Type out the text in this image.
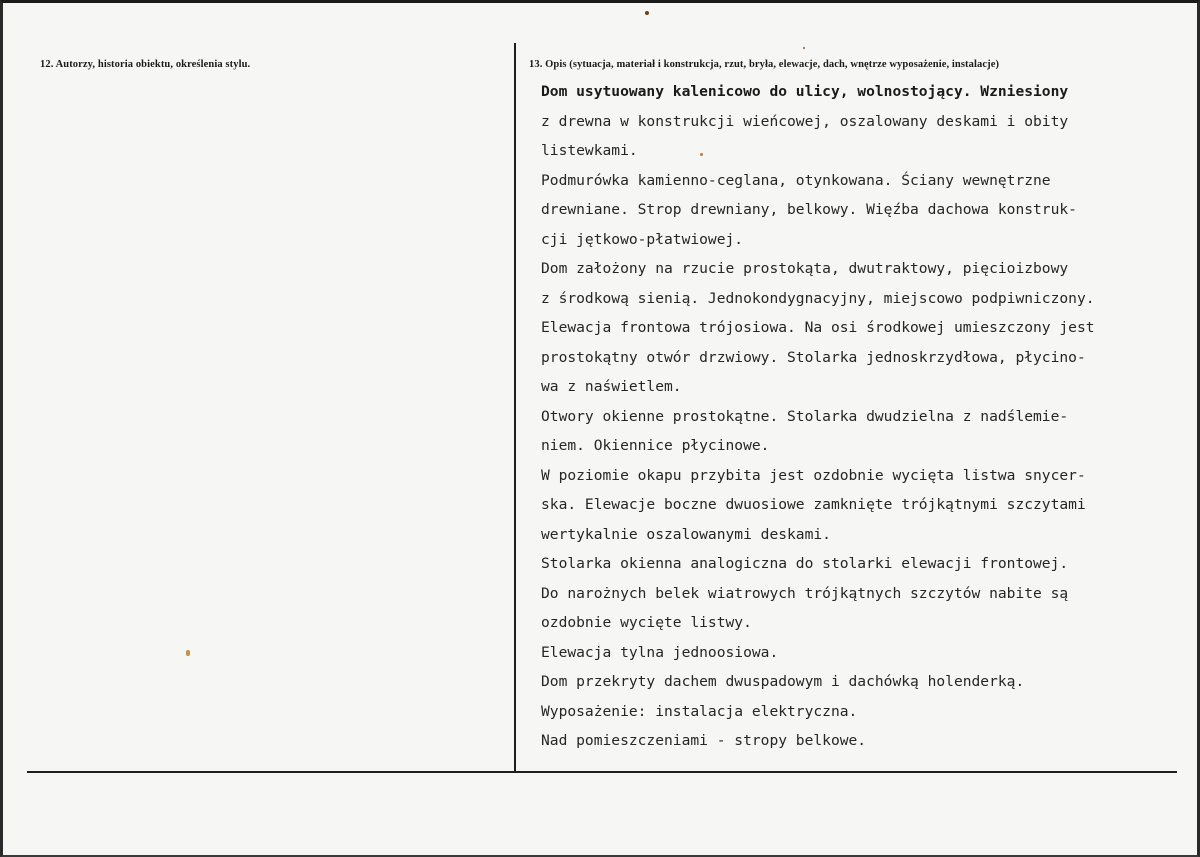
12. Autorzy, historia obiektu, określenia stylu.	13. Opis (sytuacja, materiał i konstrukcja, rzut, bryła, elewacje, dach, wnętrze wyposażenie, instalacje)
Dom usytuowany kalenicowo do ulicy, wolnostojący. Wzniesiony
z drewna w konstrukcji wieńcowej, oszalowany deskami i obity
listewkami.
Podmurówka kamienno-ceglana, otynkowana. Ściany wewnętrzne
drewniane. Strop drewniany, belkowy. Więźba dachowa konstruk-
cji jętkowo-płatwiowej.
Dom założony na rzucie prostokąta, dwutraktowy, pięcioizbowy
z środkową sienią. Jednokondygnacyjny, miejscowo podpiwniczony.
Elewacja frontowa trójosiowa. Na osi środkowej umieszczony jest
prostokątny otwór drzwiowy. Stolarka jednoskrzydłowa, płycino-
wa z naświetlem.
Otwory okienne prostokątne. Stolarka dwudzielna z nadślemie-
niem. Okiennice płycinowe.
W poziomie okapu przybita jest ozdobnie wycięta listwa snycer-
ska. Elewacje boczne dwuosiowe zamknięte trójkątnymi szczytami
wertykalnie oszalowanymi deskami.
Stolarka okienna analogiczna do stolarki elewacji frontowej.
Do narożnych belek wiatrowych trójkątnych szczytów nabite są
ozdobnie wycięte listwy.
Elewacja tylna jednoosiowa.
Dom przekryty dachem dwuspadowym i dachówką holenderką.
Wyposażenie: instalacja elektryczna.
Nad pomieszczeniami - stropy belkowe.
